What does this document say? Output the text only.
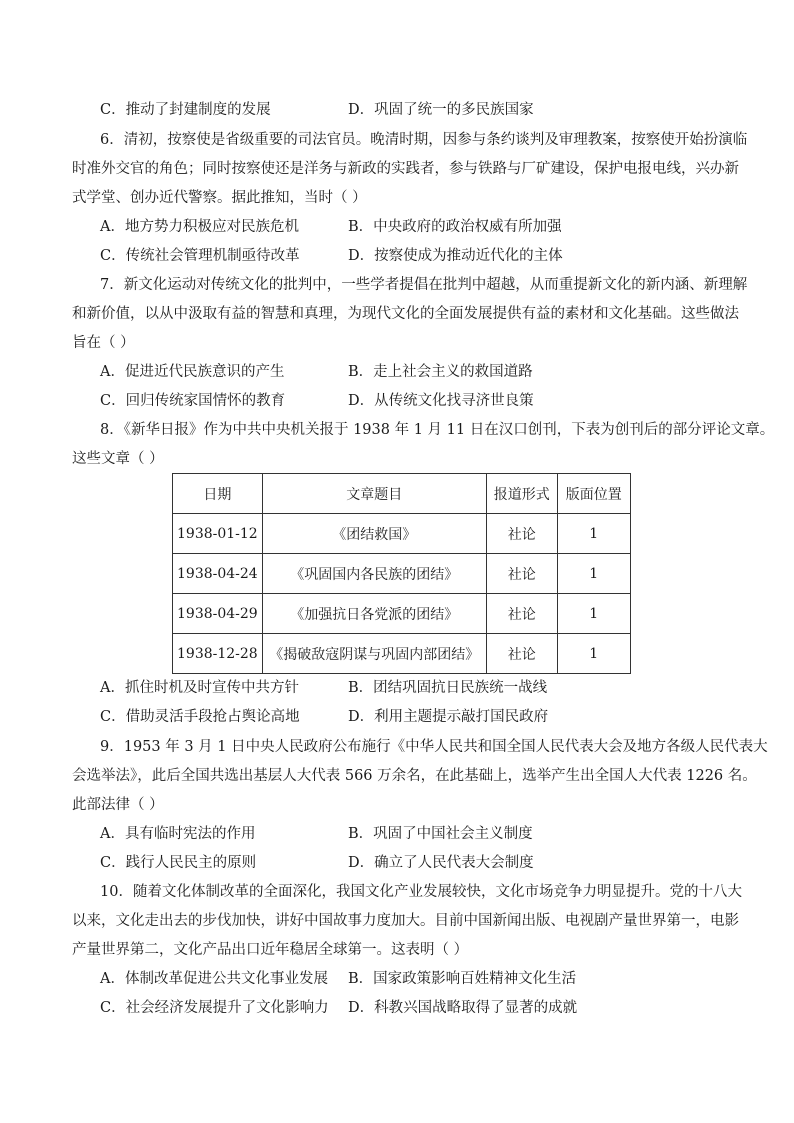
C．推动了封建制度的发展	D．巩固了统一的多民族国家
6．清初，按察使是省级重要的司法官员。晚清时期，因参与条约谈判及审理教案，按察使开始扮演临
时准外交官的角色；同时按察使还是洋务与新政的实践者，参与铁路与厂矿建设，保护电报电线，兴办新
式学堂、创办近代警察。据此推知，当时（ ）
A．地方势力积极应对民族危机	B．中央政府的政治权威有所加强
C．传统社会管理机制亟待改革	D．按察使成为推动近代化的主体
7．新文化运动对传统文化的批判中，一些学者提倡在批判中超越，从而重提新文化的新内涵、新理解
和新价值，以从中汲取有益的智慧和真理，为现代文化的全面发展提供有益的素材和文化基础。这些做法
旨在（ ）
A．促进近代民族意识的产生	B．走上社会主义的救国道路
C．回归传统家国情怀的教育	D．从传统文化找寻济世良策
8．《新华日报》作为中共中央机关报于 1938 年 1 月 11 日在汉口创刊，下表为创刊后的部分评论文章。
这些文章（ ）
日期	文章题目	报道形式	版面位置
1938-01-12	《团结救国》	社论	1
1938-04-24	《巩固国内各民族的团结》	社论	1
1938-04-29	《加强抗日各党派的团结》	社论	1
1938-12-28	《揭破敌寇阴谋与巩固内部团结》	社论	1
A．抓住时机及时宣传中共方针	B．团结巩固抗日民族统一战线
C．借助灵活手段抢占舆论高地	D．利用主题提示敲打国民政府
9．1953 年 3 月 1 日中央人民政府公布施行《中华人民共和国全国人民代表大会及地方各级人民代表大
会选举法》，此后全国共选出基层人大代表 566 万余名，在此基础上，选举产生出全国人大代表 1226 名。
此部法律（ ）
A．具有临时宪法的作用	B．巩固了中国社会主义制度
C．践行人民民主的原则	D．确立了人民代表大会制度
10．随着文化体制改革的全面深化，我国文化产业发展较快，文化市场竞争力明显提升。党的十八大
以来，文化走出去的步伐加快，讲好中国故事力度加大。目前中国新闻出版、电视剧产量世界第一，电影
产量世界第二，文化产品出口近年稳居全球第一。这表明（ ）
A．体制改革促进公共文化事业发展 B．国家政策影响百姓精神文化生活
C．社会经济发展提升了文化影响力 D．科教兴国战略取得了显著的成就
